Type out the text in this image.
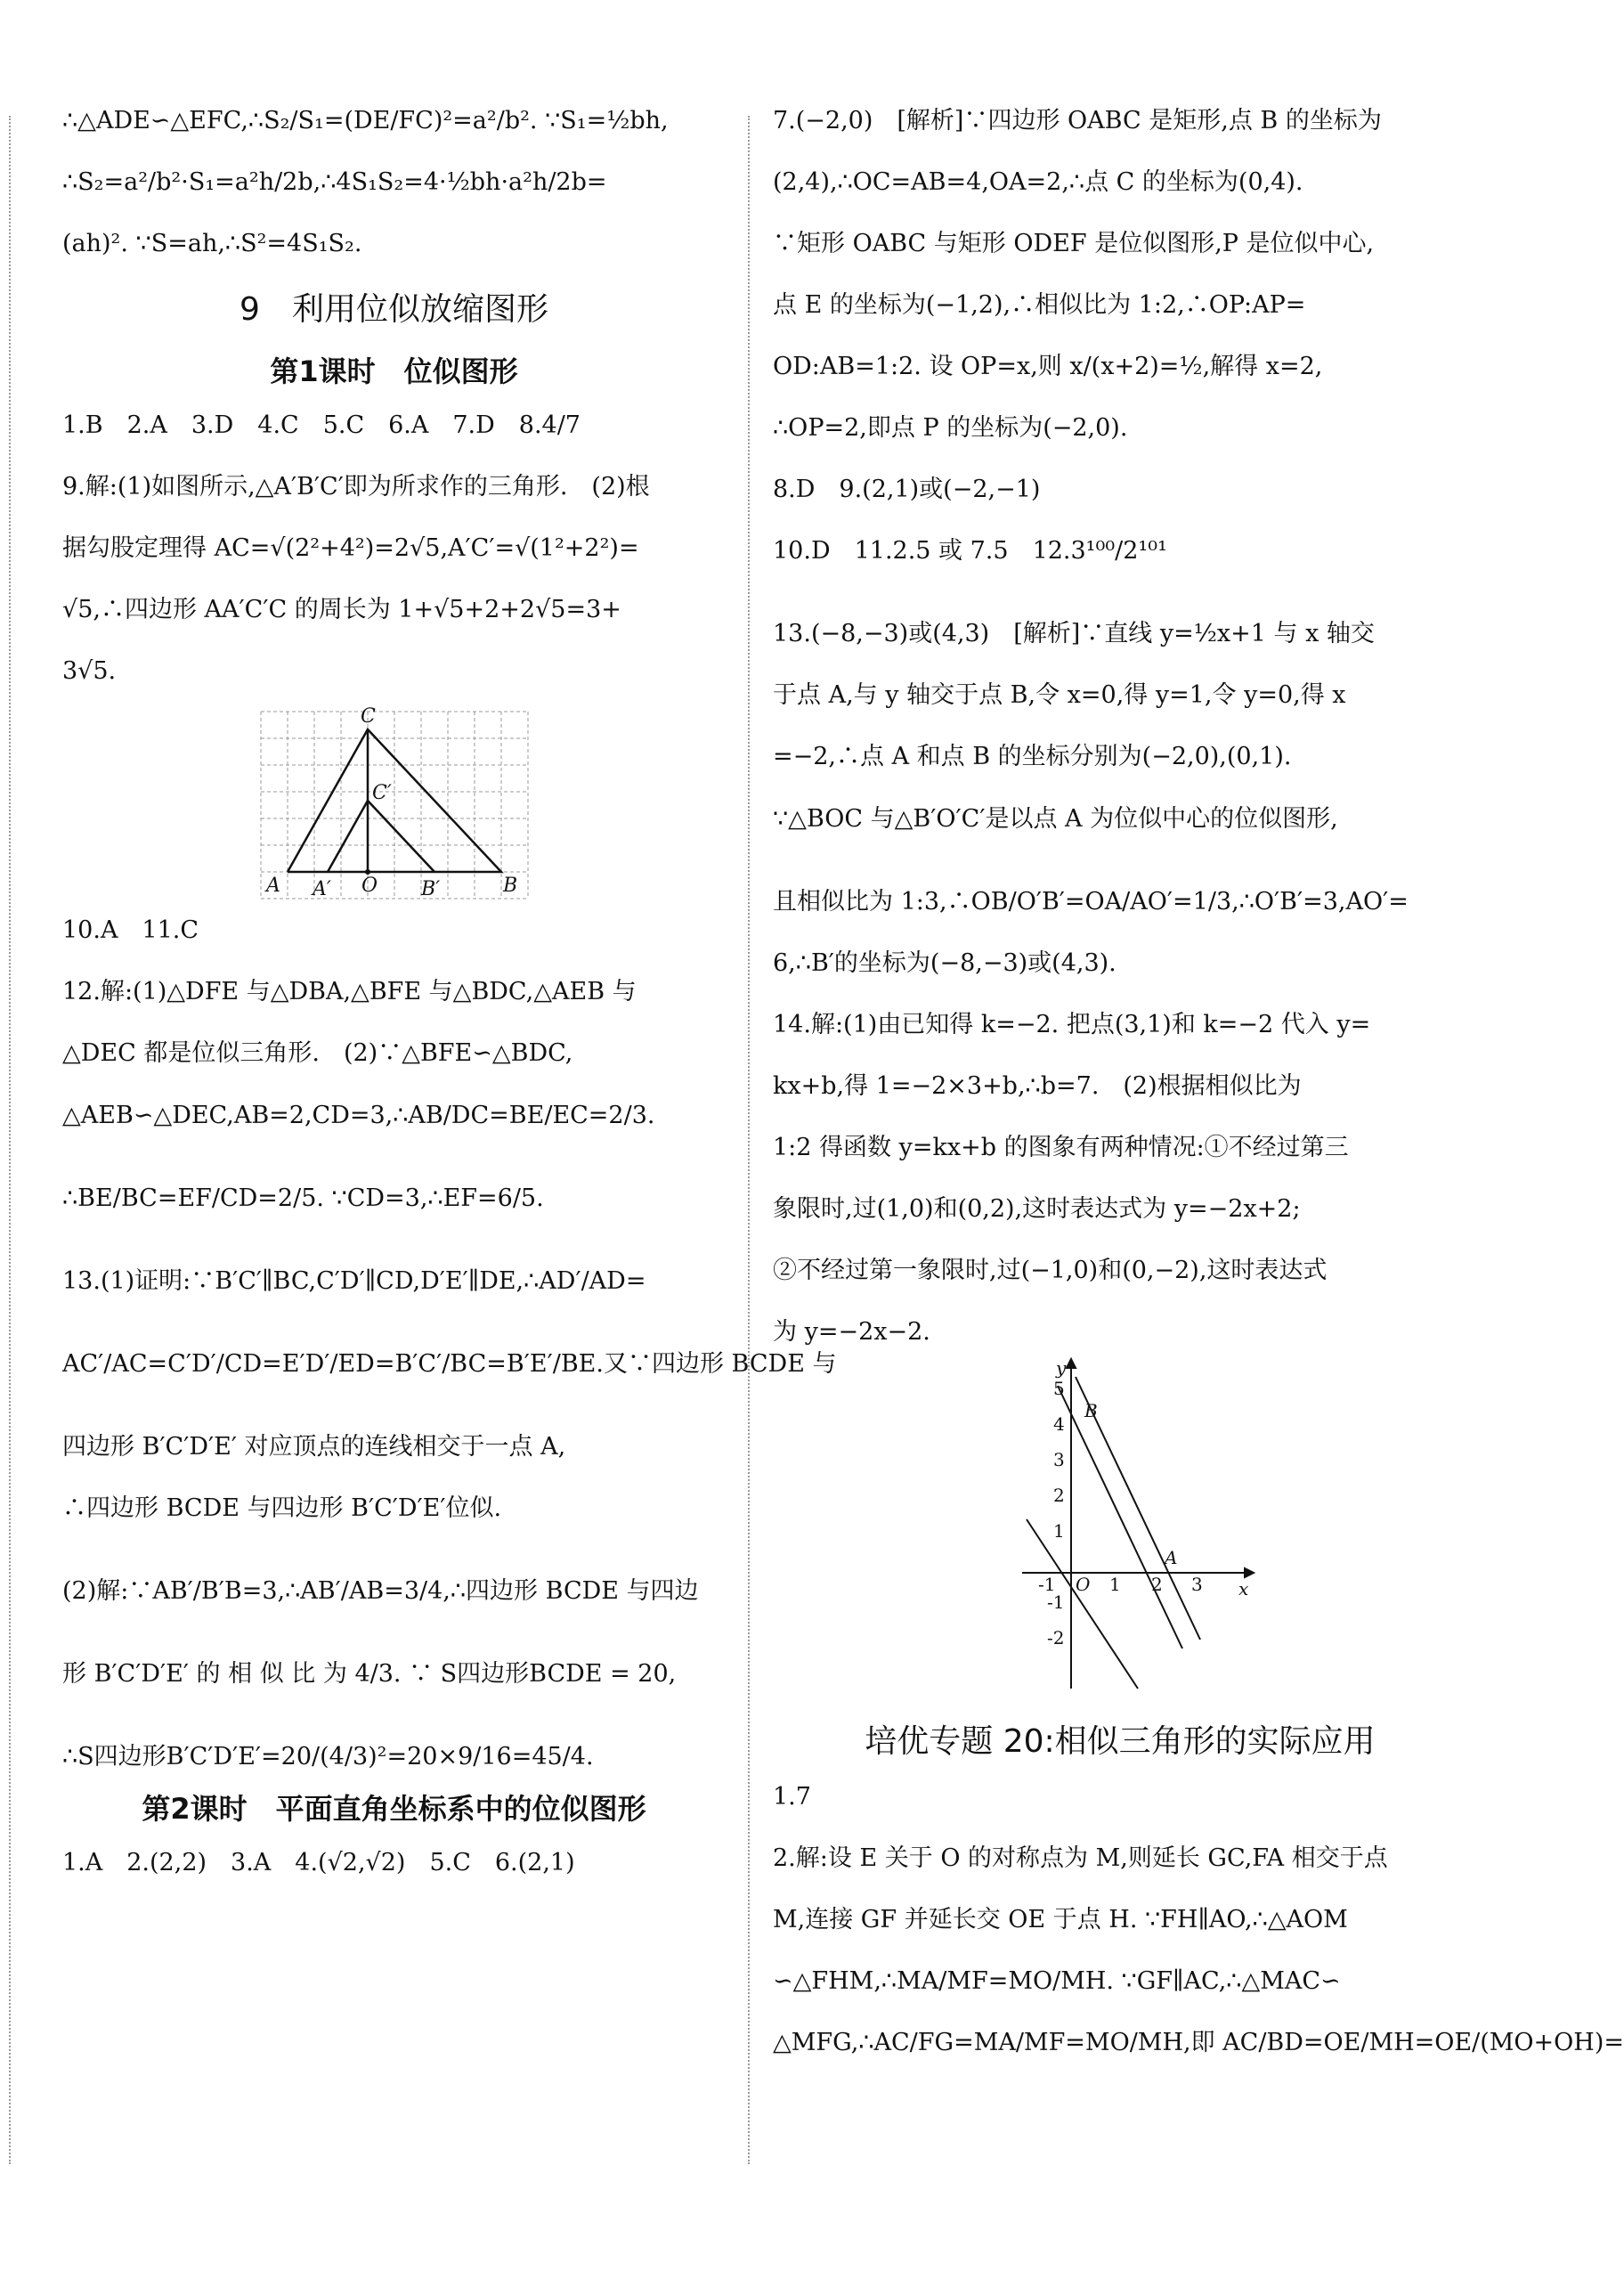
∴△ADE∽△EFC,∴S₂/S₁=(DE/FC)²=a²/b². ∵S₁=½bh,

∴S₂=a²/b²·S₁=a²h/2b,∴4S₁S₂=4·½bh·a²h/2b=

(ah)². ∵S=ah,∴S²=4S₁S₂.

9　利用位似放缩图形
第1课时　位似图形

1.B　2.A　3.D　4.C　5.C　6.A　7.D　8.4/7

9.解:(1)如图所示,△A′B′C′即为所求作的三角形.　(2)根

据勾股定理得 AC=√(2²+4²)=2√5,A′C′=√(1²+2²)=

√5,∴四边形 AA′C′C 的周长为 1+√5+2+2√5=3+

3√5.

C
C′
A A′ O B′	B

10.A　11.C

12.解:(1)△DFE 与△DBA,△BFE 与△BDC,△AEB 与

△DEC 都是位似三角形.　(2)∵△BFE∽△BDC,

△AEB∽△DEC,AB=2,CD=3,∴AB/DC=BE/EC=2/3.

∴BE/BC=EF/CD=2/5. ∵CD=3,∴EF=6/5.

13.(1)证明:∵B′C′∥BC,C′D′∥CD,D′E′∥DE,∴AD′/AD=

AC′/AC=C′D′/CD=E′D′/ED=B′C′/BC=B′E′/BE.又∵四边形 BCDE 与

四边形 B′C′D′E′ 对应顶点的连线相交于一点 A,

∴四边形 BCDE 与四边形 B′C′D′E′位似.

(2)解:∵AB′/B′B=3,∴AB′/AB=3/4,∴四边形 BCDE 与四边

形 B′C′D′E′ 的 相 似 比 为 4/3. ∵ S四边形BCDE = 20,

∴S四边形B′C′D′E′=20/(4/3)²=20×9/16=45/4.

第2课时　平面直角坐标系中的位似图形

1.A　2.(2,2)　3.A　4.(√2,√2)　5.C　6.(2,1)

7.(−2,0)　[解析]∵四边形 OABC 是矩形,点 B 的坐标为

(2,4),∴OC=AB=4,OA=2,∴点 C 的坐标为(0,4).

∵矩形 OABC 与矩形 ODEF 是位似图形,P 是位似中心,

点 E 的坐标为(−1,2),∴相似比为 1:2,∴OP:AP=

OD:AB=1:2. 设 OP=x,则 x/(x+2)=½,解得 x=2,

∴OP=2,即点 P 的坐标为(−2,0).

8.D　9.(2,1)或(−2,−1)

10.D　11.2.5 或 7.5　12.3¹⁰⁰/2¹⁰¹

13.(−8,−3)或(4,3)　[解析]∵直线 y=½x+1 与 x 轴交

于点 A,与 y 轴交于点 B,令 x=0,得 y=1,令 y=0,得 x

=−2,∴点 A 和点 B 的坐标分别为(−2,0),(0,1).

∵△BOC 与△B′O′C′是以点 A 为位似中心的位似图形,

且相似比为 1:3,∴OB/O′B′=OA/AO′=1/3,∴O′B′=3,AO′=

6,∴B′的坐标为(−8,−3)或(4,3).

14.解:(1)由已知得 k=−2. 把点(3,1)和 k=−2 代入 y=

kx+b,得 1=−2×3+b,∴b=7.　(2)根据相似比为

1:2 得函数 y=kx+b 的图象有两种情况:①不经过第三

象限时,过(1,0)和(0,2),这时表达式为 y=−2x+2;

②不经过第一象限时,过(−1,0)和(0,−2),这时表达式

为 y=−2x−2.

y
x
B
A
O
-1	1 2 3
5
4
3
2
1
-1
-2
培优专题 20:相似三角形的实际应用

1.7

2.解:设 E 关于 O 的对称点为 M,则延长 GC,FA 相交于点

M,连接 GF 并延长交 OE 于点 H. ∵FH∥AO,∴△AOM

∽△FHM,∴MA/MF=MO/MH. ∵GF∥AC,∴△MAC∽

△MFG,∴AC/FG=MA/MF=MO/MH,即 AC/BD=OE/MH=OE/(MO+OH)=
